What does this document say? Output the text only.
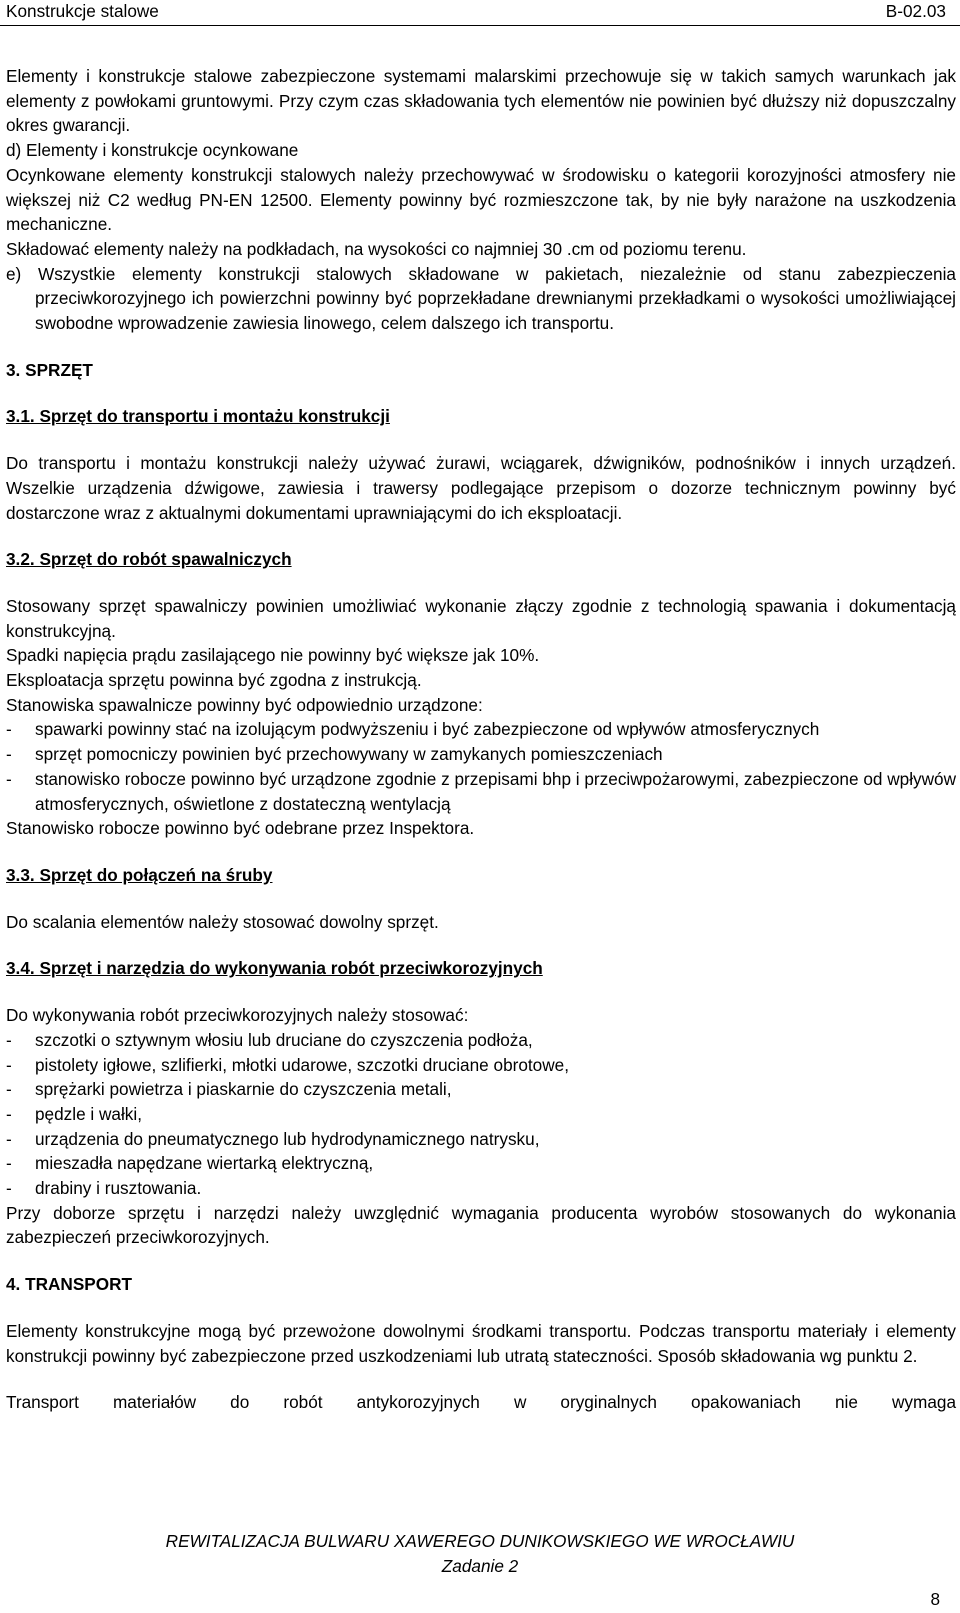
Konstrukcje stalowe	B-02.03

Elementy i konstrukcje stalowe zabezpieczone systemami malarskimi przechowuje się w takich samych warunkach jak elementy z powłokami gruntowymi. Przy czym czas składowania tych elementów nie powinien być dłuższy niż dopuszczalny okres gwarancji.

d) Elementy i konstrukcje ocynkowane

Ocynkowane elementy konstrukcji stalowych należy przechowywać w środowisku o kategorii korozyjności atmosfery nie większej niż C2 według PN-EN 12500. Elementy powinny być rozmieszczone tak, by nie były narażone na uszkodzenia mechaniczne.

Składować elementy należy na podkładach, na wysokości co najmniej 30 .cm od poziomu terenu.

e) Wszystkie elementy konstrukcji stalowych składowane w pakietach, niezależnie od stanu zabezpieczenia przeciwkorozyjnego ich powierzchni powinny być poprzekładane drewnianymi przekładkami o wysokości umożliwiającej swobodne wprowadzenie zawiesia linowego, celem dalszego ich transportu.

3. SPRZĘT

3.1. Sprzęt do transportu i montażu konstrukcji

Do transportu i montażu konstrukcji należy używać żurawi, wciągarek, dźwigników, podnośników i innych urządzeń. Wszelkie urządzenia dźwigowe, zawiesia i trawersy podlegające przepisom o dozorze technicznym powinny być dostarczone wraz z aktualnymi dokumentami uprawniającymi do ich eksploatacji.

3.2. Sprzęt do robót spawalniczych

Stosowany sprzęt spawalniczy powinien umożliwiać wykonanie złączy zgodnie z technologią spawania i dokumentacją konstrukcyjną.

Spadki napięcia prądu zasilającego nie powinny być większe jak 10%.

Eksploatacja sprzętu powinna być zgodna z instrukcją.

Stanowiska spawalnicze powinny być odpowiednio urządzone:

- spawarki powinny stać na izolującym podwyższeniu i być zabezpieczone od wpływów atmosferycznych
- sprzęt pomocniczy powinien być przechowywany w zamykanych pomieszczeniach
- stanowisko robocze powinno być urządzone zgodnie z przepisami bhp i przeciwpożarowymi, zabezpieczone od wpływów atmosferycznych, oświetlone z dostateczną wentylacją

Stanowisko robocze powinno być odebrane przez Inspektora.

3.3. Sprzęt do połączeń na śruby

Do scalania elementów należy stosować dowolny sprzęt.

3.4. Sprzęt i narzędzia do wykonywania robót przeciwkorozyjnych

Do wykonywania robót przeciwkorozyjnych należy stosować:

- szczotki o sztywnym włosiu lub druciane do czyszczenia podłoża,
- pistolety igłowe, szlifierki, młotki udarowe, szczotki druciane obrotowe,
- sprężarki powietrza i piaskarnie do czyszczenia metali,
- pędzle i wałki,
- urządzenia do pneumatycznego lub hydrodynamicznego natrysku,
- mieszadła napędzane wiertarką elektryczną,
- drabiny i rusztowania.

Przy doborze sprzętu i narzędzi należy uwzględnić wymagania producenta wyrobów stosowanych do wykonania zabezpieczeń przeciwkorozyjnych.

4. TRANSPORT

Elementy konstrukcyjne mogą być przewożone dowolnymi środkami transportu. Podczas transportu materiały i elementy konstrukcji powinny być zabezpieczone przed uszkodzeniami lub utratą stateczności. Sposób składowania wg punktu 2.

Transport materiałów do robót antykorozyjnych w oryginalnych opakowaniach nie wymaga

REWITALIZACJA BULWARU XAWEREGO DUNIKOWSKIEGO WE WROCŁAWIU
Zadanie 2
8
